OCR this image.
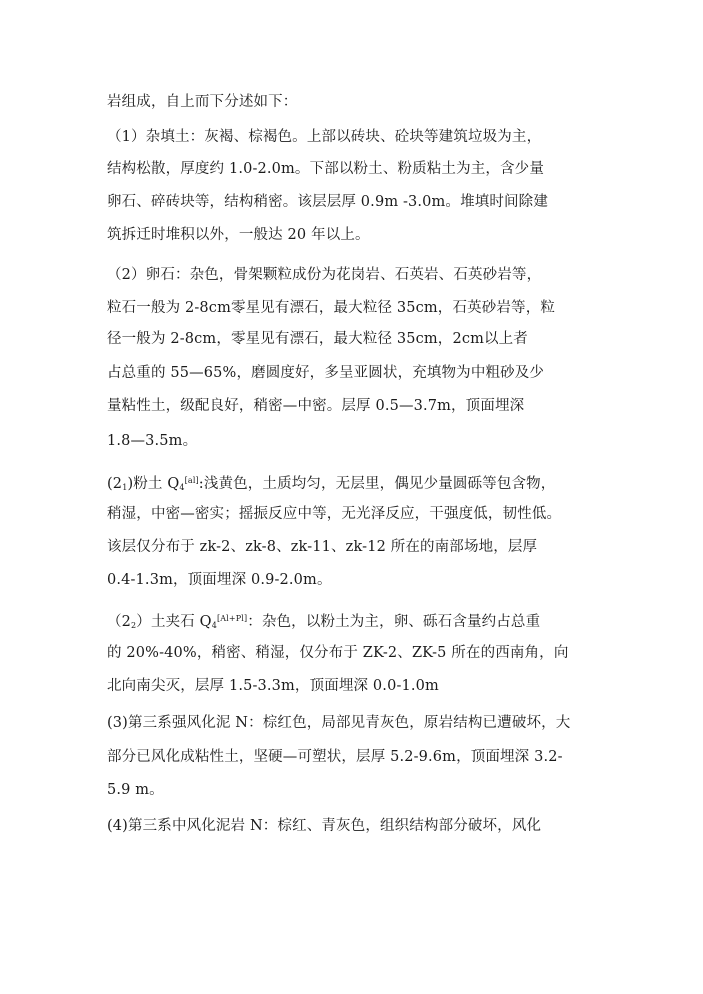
岩组成，自上而下分述如下：
（1）杂填土：灰褐、棕褐色。上部以砖块、砼块等建筑垃圾为主，
结构松散，厚度约 1.0-2.0m。下部以粉土、粉质粘土为主，含少量
卵石、碎砖块等，结构稍密。该层层厚 0.9m -3.0m。堆填时间除建
筑拆迁时堆积以外，一般达 20 年以上。
（2）卵石：杂色，骨架颗粒成份为花岗岩、石英岩、石英砂岩等，
粒石一般为 2-8cm零星见有漂石，最大粒径 35cm，石英砂岩等，粒
径一般为 2-8cm，零星见有漂石，最大粒径 35cm，2cm以上者
占总重的 55—65%，磨圆度好，多呈亚圆状，充填物为中粗砂及少
量粘性土，级配良好，稍密—中密。层厚 0.5—3.7m，顶面埋深
1.8—3.5m。
$(2_1)$粉土 $Q_4[al]$:浅黄色，土质均匀，无层里，偶见少量圆砾等包含物，
稍湿，中密—密实；摇振反应中等，无光泽反应，干强度低，韧性低。
该层仅分布于 zk-2、zk-8、zk-11、zk-12 所在的南部场地，层厚
0.4-1.3m，顶面埋深 0.9-2.0m。
$(2_2)$土夹石 $Q_4[Al+Pl]$：杂色，以粉土为主，卵、砾石含量约占总重
的 20%-40%，稍密、稍湿，仅分布于 ZK-2、ZK-5 所在的西南角，向
北向南尖灭，层厚 1.5-3.3m，顶面埋深 0.0-1.0m
(3)第三系强风化泥 N：棕红色，局部见青灰色，原岩结构已遭破坏，大
部分已风化成粘性土，坚硬—可塑状，层厚 5.2-9.6m，顶面埋深 3.2-
5.9 m。
(4)第三系中风化泥岩 N：棕红、青灰色，组织结构部分破坏，风化
